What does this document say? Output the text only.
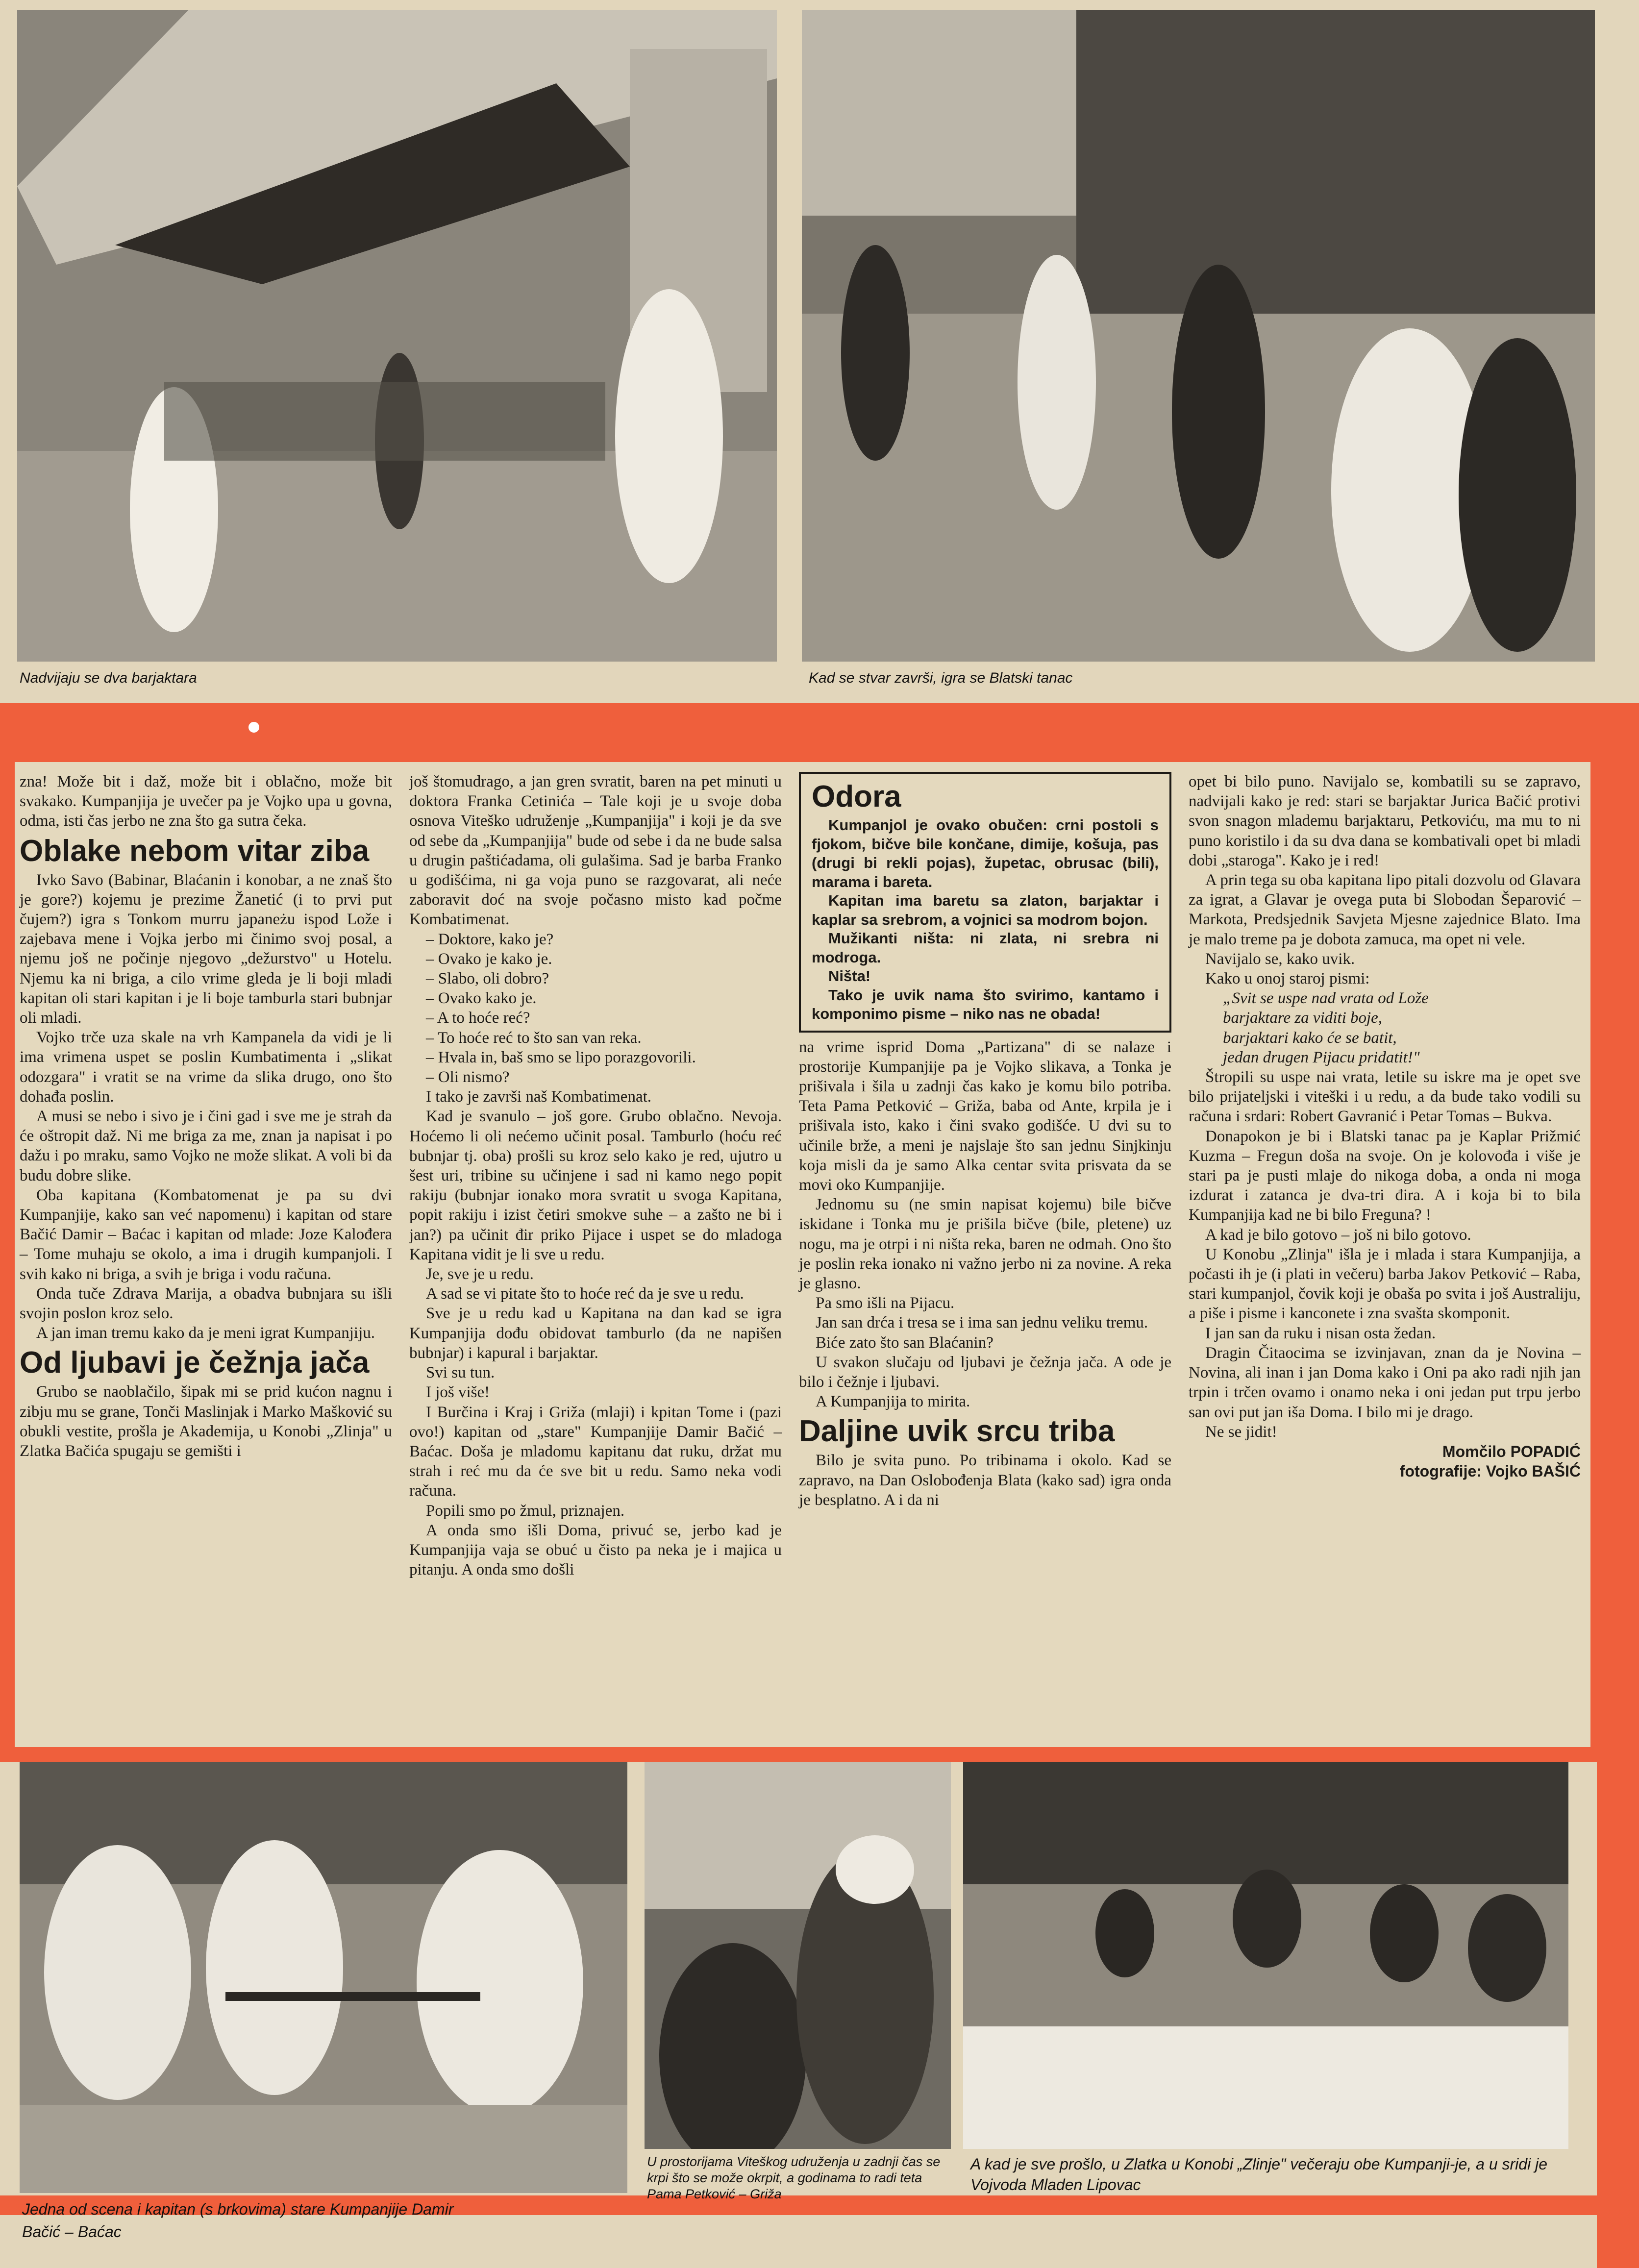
Nadvijaju se dva barjaktara	Kad se stvar završi, igra se Blatski tanac

zna! Može bit i daž, može bit i oblačno, može bit svakako. Kumpanjija je uvečer pa je Vojko upa u govna, odma, isti čas jerbo ne zna što ga sutra čeka.

Oblake nebom vitar ziba

Ivko Savo (Babinar, Blaćanin i konobar, a ne znaš što je gore?) kojemu je prezime Žanetić (i to prvi put čujem?) igra s Tonkom murru japaneżu ispod Lože i zajebava mene i Vojka jerbo mi činimo svoj posal, a njemu još ne počinje njegovo „dežurstvo" u Hotelu. Njemu ka ni briga, a cilo vrime gleda je li boji mladi kapitan oli stari kapitan i je li boje tamburla stari bubnjar oli mladi.

Vojko trče uza skale na vrh Kampanela da vidi je li ima vrimena uspet se poslin Kumbatimenta i „slikat odozgara" i vratit se na vrime da slika drugo, ono što dohađa poslin.

A musi se nebo i sivo je i čini gad i sve me je strah da će oštropit daž. Ni me briga za me, znan ja napisat i po dažu i po mraku, samo Vojko ne može slikat. A voli bi da budu dobre slike.

Oba kapitana (Kombatomenat je pa su dvi Kumpanjije, kako san već napomenu) i kapitan od stare Bačić Damir – Baćac i kapitan od mlade: Joze Kalođera – Tome muhaju se okolo, a ima i drugih kumpanjoli. I svih kako ni briga, a svih je briga i vodu računa.

Onda tuče Zdrava Marija, a obadva bubnjara su išli svojin poslon kroz selo.

A jan iman tremu kako da je meni igrat Kumpanjiju.

Od ljubavi je čežnja jača

Grubo se naoblačilo, šipak mi se prid kućon nagnu i zibju mu se grane, Tonči Maslinjak i Marko Mašković su obukli vestite, prošla je Akademija, u Konobi „Zlinja" u Zlatka Bačića spugaju se gemišti i

još štomudrago, a jan gren svratit, baren na pet minuti u doktora Franka Cetinića – Tale koji je u svoje doba osnova Viteško udruženje „Kumpanjija" i koji je da sve od sebe da „Kumpanjija" bude od sebe i da ne bude salsa u drugin paštićadama, oli gulašima. Sad je barba Franko u godišćima, ni ga voja puno se razgovarat, ali neće zaboravit doć na svoje počasno misto kad počme Kombatimenat.

– Doktore, kako je?

– Ovako je kako je.

– Slabo, oli dobro?

– Ovako kako je.

– A to hoće reć?

– To hoće reć to što san van reka.

– Hvala in, baš smo se lipo porazgovorili.

– Oli nismo?

I tako je završi naš Kombatimenat.

Kad je svanulo – još gore. Grubo oblačno. Nevoja. Hoćemo li oli nećemo učinit posal. Tamburlo (hoću reć bubnjar tj. oba) prošli su kroz selo kako je red, ujutro u šest uri, tribine su učinjene i sad ni kamo nego popit rakiju (bubnjar ionako mora svratit u svoga Kapitana, popit rakiju i izist četiri smokve suhe – a zašto ne bi i jan?) pa učinit đir priko Pijace i uspet se do mladoga Kapitana vidit je li sve u redu.

Je, sve je u redu.

A sad se vi pitate što to hoće reć da je sve u redu.

Sve je u redu kad u Kapitana na dan kad se igra Kumpanjija dođu obidovat tamburlo (da ne napišen bubnjar) i kapural i barjaktar.

Svi su tun.

I još više!

I Burčina i Kraj i Griža (mlaji) i kpitan Tome i (pazi ovo!) kapitan od „stare" Kumpanjije Damir Bačić – Baćac. Doša je mladomu kapitanu dat ruku, držat mu strah i reć mu da će sve bit u redu. Samo neka vodi računa.

Popili smo po žmul, priznajen.

A onda smo išli Doma, privuć se, jerbo kad je Kumpanjija vaja se obuć u čisto pa neka je i majica u pitanju. A onda smo došli

Odora

Kumpanjol je ovako obučen: crni postoli s fjokom, bičve bile končane, dimije, košuja, pas (drugi bi rekli pojas), župetac, obrusac (bili), marama i bareta.

Kapitan ima baretu sa zlaton, barjaktar i kaplar sa srebrom, a vojnici sa modrom bojon.

Mužikanti ništa: ni zlata, ni srebra ni modroga.

Ništa!

Tako je uvik nama što svirimo, kantamo i komponimo pisme – niko nas ne obada!

na vrime isprid Doma „Partizana" di se nalaze i prostorije Kumpanjije pa je Vojko slikava, a Tonka je prišivala i šila u zadnji čas kako je komu bilo potriba. Teta Pama Petković – Griža, baba od Ante, krpila je i prišivala isto, kako i čini svako godišće. U dvi su to učinile brže, a meni je najslaje što san jednu Sinjkinju koja misli da je samo Alka centar svita prisvata da se movi oko Kumpanjije.

Jednomu su (ne smin napisat kojemu) bile bičve iskidane i Tonka mu je prišila bičve (bile, pletene) uz nogu, ma je otrpi i ni ništa reka, baren ne odmah. Ono što je poslin reka ionako ni važno jerbo ni za novine. A reka je glasno.

Pa smo išli na Pijacu.

Jan san drća i tresa se i ima san jednu veliku tremu.

Biće zato što san Blaćanin?

U svakon slučaju od ljubavi je čežnja jača. A ode je bilo i čežnje i ljubavi.

A Kumpanjija to mirita.

Daljine uvik srcu triba

Bilo je svita puno. Po tribinama i okolo. Kad se zapravo, na Dan Oslobođenja Blata (kako sad) igra onda je besplatno. A i da ni

opet bi bilo puno. Navijalo se, kombatili su se zapravo, nadvijali kako je red: stari se barjaktar Jurica Bačić protivi svon snagon mlademu barjaktaru, Petkoviću, ma mu to ni puno koristilo i da su dva dana se kombativali opet bi mladi dobi „staroga". Kako je i red!

A prin tega su oba kapitana lipo pitali dozvolu od Glavara za igrat, a Glavar je ovega puta bi Slobodan Šeparović – Markota, Predsjednik Savjeta Mjesne zajednice Blato. Ima je malo treme pa je dobota zamuca, ma opet ni vele.

Navijalo se, kako uvik.

Kako u onoj staroj pismi:

„Svit se uspe nad vrata od Lože

barjaktare za viditi boje,

barjaktari kako će se batit,

jedan drugen Pijacu pridatit!"

Štropili su uspe nai vrata, letile su iskre ma je opet sve bilo prijateljski i viteški i u redu, a da bude tako vodili su računa i srdari: Robert Gavranić i Petar Tomas – Bukva.

Donapokon je bi i Blatski tanac pa je Kaplar Prižmić Kuzma – Fregun doša na svoje. On je kolovođa i više je stari pa je pusti mlaje do nikoga doba, a onda ni moga izdurat i zatanca je dva-tri đira. A i koja bi to bila Kumpanjija kad ne bi bilo Freguna? !

A kad je bilo gotovo – još ni bilo gotovo.

U Konobu „Zlinja" išla je i mlada i stara Kumpanjija, a počasti ih je (i plati in večeru) barba Jakov Petković – Raba, stari kumpanjol, čovik koji je obaša po svita i još Australiju, a piše i pisme i kanconete i zna svašta skomponit.

I jan san da ruku i nisan osta žedan.

Dragin Čitaocima se izvinjavan, znan da je Novina – Novina, ali inan i jan Doma kako i Oni pa ako radi njih jan trpin i trčen ovamo i onamo neka i oni jedan put trpu jerbo san ovi put jan iša Doma. I bilo mi je drago.

Ne se jidit!

Momčilo POPADIĆ
fotografije: Vojko BAŠIĆ
Jedna od scena i kapitan (s brkovima) stare Kumpanjije Damir Bačić – Baćac
U prostorijama Viteškog udruženja u zadnji čas se krpi što se može okrpit, a godinama to radi teta Pama Petković – Griža
A kad je sve prošlo, u Zlatka u Konobi „Zlinje" večeraju obe Kumpanji-je, a u sridi je Vojvoda Mladen Lipovac
